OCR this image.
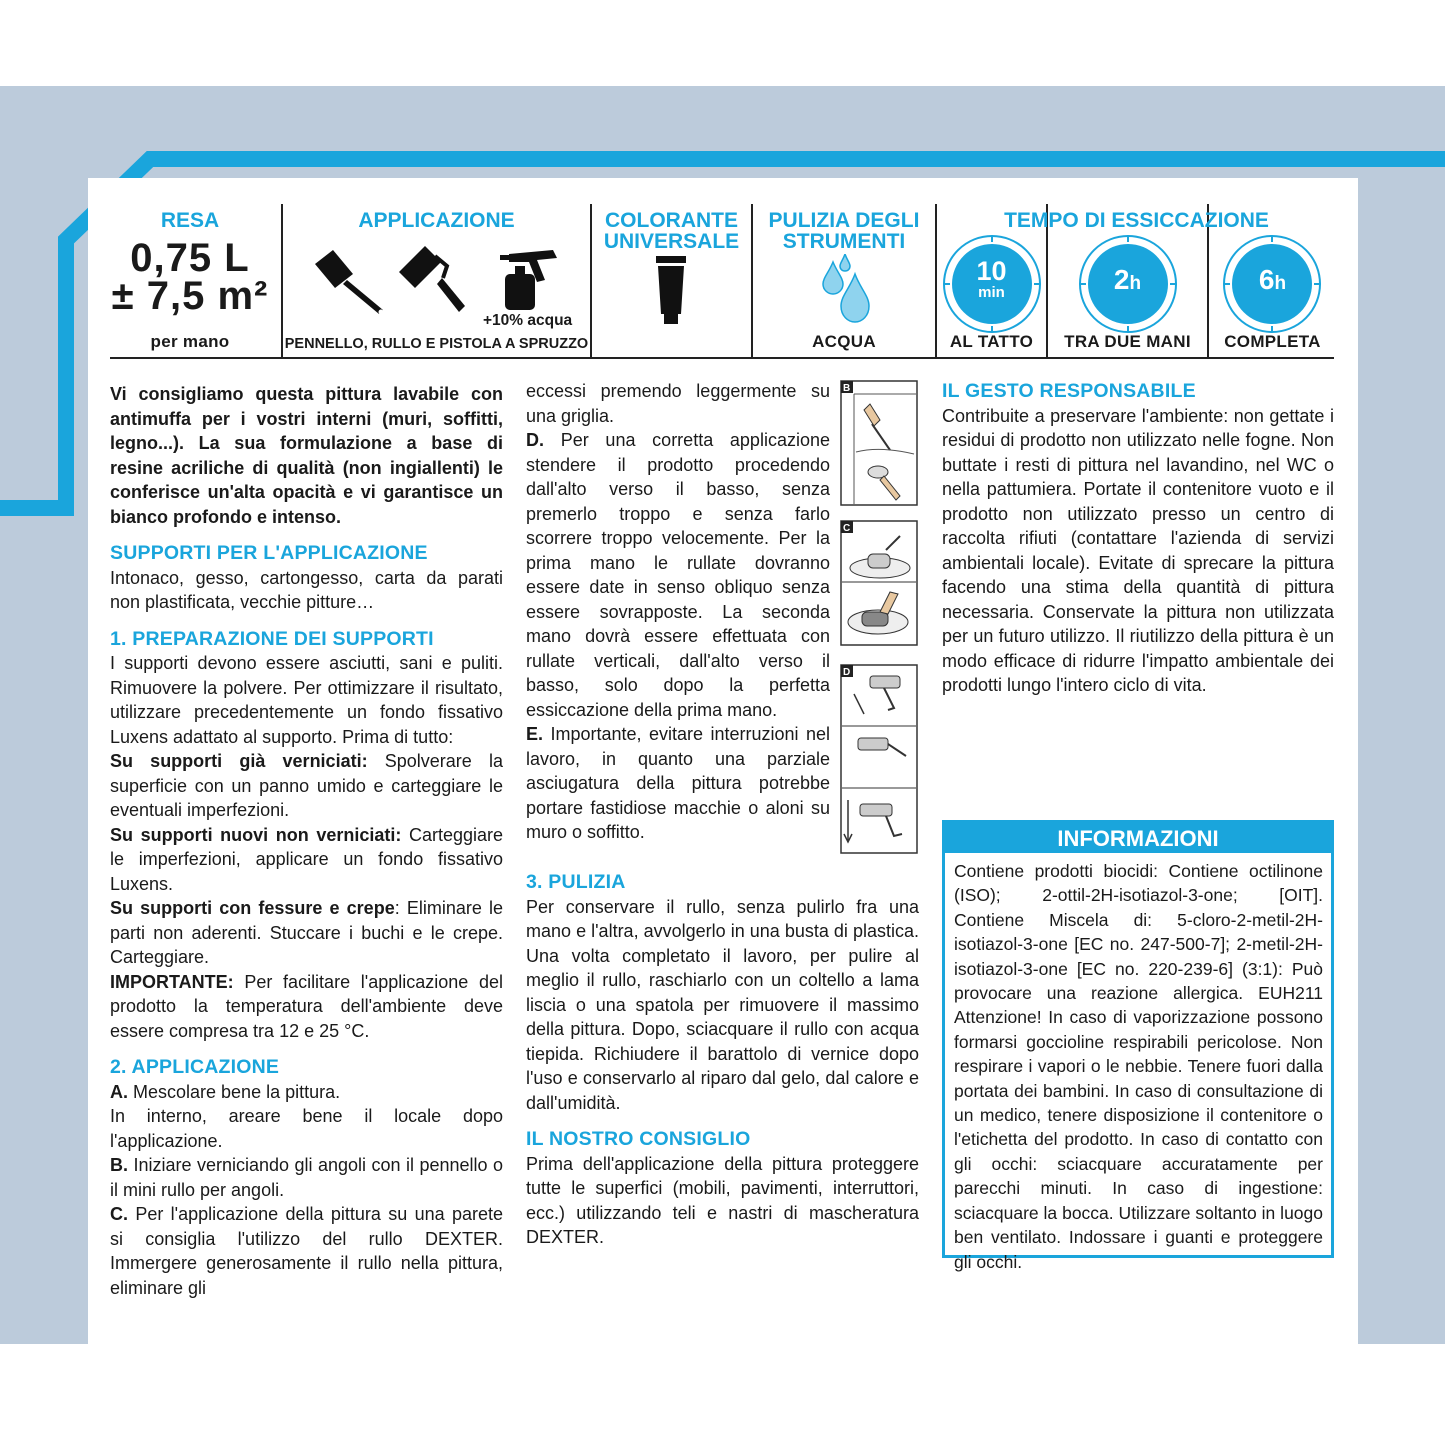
RESA
0,75 L
± 7,5 m²
per mano
APPLICAZIONE
+10% acqua
PENNELLO, RULLO E PISTOLA A SPRUZZO
COLORANTE
UNIVERSALE
PULIZIA DEGLI
STRUMENTI
ACQUA
TEMPO DI ESSICCAZIONE
10
min
AL TATTO
2h
TRA DUE MANI
6h
COMPLETA

Vi consigliamo questa pittura lavabile con antimuffa per i vostri interni (muri, soffitti, legno...). La sua formulazione a base di resine acriliche di qualità (non ingiallenti) le conferisce un'alta opacità e vi garantisce un bianco profondo e intenso.

SUPPORTI PER L'APPLICAZIONE

Intonaco, gesso, cartongesso, carta da parati non plastificata, vecchie pitture…

1. PREPARAZIONE DEI SUPPORTI

I supporti devono essere asciutti, sani e puliti. Rimuovere la polvere. Per ottimizzare il risultato, utilizzare precedentemente un fondo fissativo Luxens adattato al supporto. Prima di tutto:

Su supporti già verniciati: Spolverare la superficie con un panno umido e carteggiare le eventuali imperfezioni.

Su supporti nuovi non verniciati: Carteggiare le imperfezioni, applicare un fondo fissativo Luxens.

Su supporti con fessure e crepe: Eliminare le parti non aderenti. Stuccare i buchi e le crepe. Carteggiare.

IMPORTANTE: Per facilitare l'applicazione del prodotto la temperatura dell'ambiente deve essere compresa tra 12 e 25 °C.

2. APPLICAZIONE

A. Mescolare bene la pittura.

In interno, areare bene il locale dopo l'applicazione.

B. Iniziare verniciando gli angoli con il pennello o il mini rullo per angoli.

C. Per l'applicazione della pittura su una parete si consiglia l'utilizzo del rullo DEXTER. Immergere generosamente il rullo nella pittura, eliminare gli

eccessi premendo leggermente su una griglia.

D. Per una corretta applicazione stendere il prodotto procedendo dall'alto verso il basso, senza premerlo troppo e senza farlo scorrere troppo velocemente. Per la prima mano le rullate dovranno essere date in senso obliquo senza essere sovrapposte. La seconda mano dovrà essere effettuata con rullate verticali, dall'alto verso il basso, solo dopo la perfetta essiccazione della prima mano.

E. Importante, evitare interruzioni nel lavoro, in quanto una parziale asciugatura della pittura potrebbe portare fastidiose macchie o aloni su muro o soffitto.

3. PULIZIA

Per conservare il rullo, senza pulirlo fra una mano e l'altra, avvolgerlo in una busta di plastica. Una volta completato il lavoro, per pulire al meglio il rullo, raschiarlo con un coltello a lama liscia o una spatola per rimuovere il massimo della pittura. Dopo, sciacquare il rullo con acqua tiepida. Richiudere il barattolo di vernice dopo l'uso e conservarlo al riparo dal gelo, dal calore e dall'umidità.

IL NOSTRO CONSIGLIO

Prima dell'applicazione della pittura proteggere tutte le superfici (mobili, pavimenti, interruttori, ecc.) utilizzando teli e nastri di mascheratura DEXTER.

B
C
D

IL GESTO RESPONSABILE

Contribuite a preservare l'ambiente: non gettate i residui di prodotto non utilizzato nelle fogne. Non buttate i resti di pittura nel lavandino, nel WC o nella pattumiera. Portate il contenitore vuoto e il prodotto non utilizzato presso un centro di raccolta rifiuti (contattare l'azienda di servizi ambientali locale). Evitate di sprecare la pittura facendo una stima della quantità di pittura necessaria. Conservate la pittura non utilizzata per un futuro utilizzo. Il riutilizzo della pittura è un modo efficace di ridurre l'impatto ambientale dei prodotti lungo l'intero ciclo di vita.

INFORMAZIONI
Contiene prodotti biocidi: Contiene octilinone (ISO); 2-ottil-2H-isotiazol-3-one; [OIT]. Contiene Miscela di: 5-cloro-2-metil-2H-isotiazol-3-one [EC no. 247-500-7]; 2-metil-2H-isotiazol-3-one [EC no. 220-239-6] (3:1): Può provocare una reazione allergica. EUH211 Attenzione! In caso di vaporizzazione possono formarsi goccioline respirabili pericolose. Non respirare i vapori o le nebbie. Tenere fuori dalla portata dei bambini. In caso di consultazione di un medico, tenere disposizione il contenitore o l'etichetta del prodotto. In caso di contatto con gli occhi: sciacquare accuratamente per parecchi minuti. In caso di ingestione: sciacquare la bocca. Utilizzare soltanto in luogo ben ventilato. Indossare i guanti e proteggere gli occhi.
